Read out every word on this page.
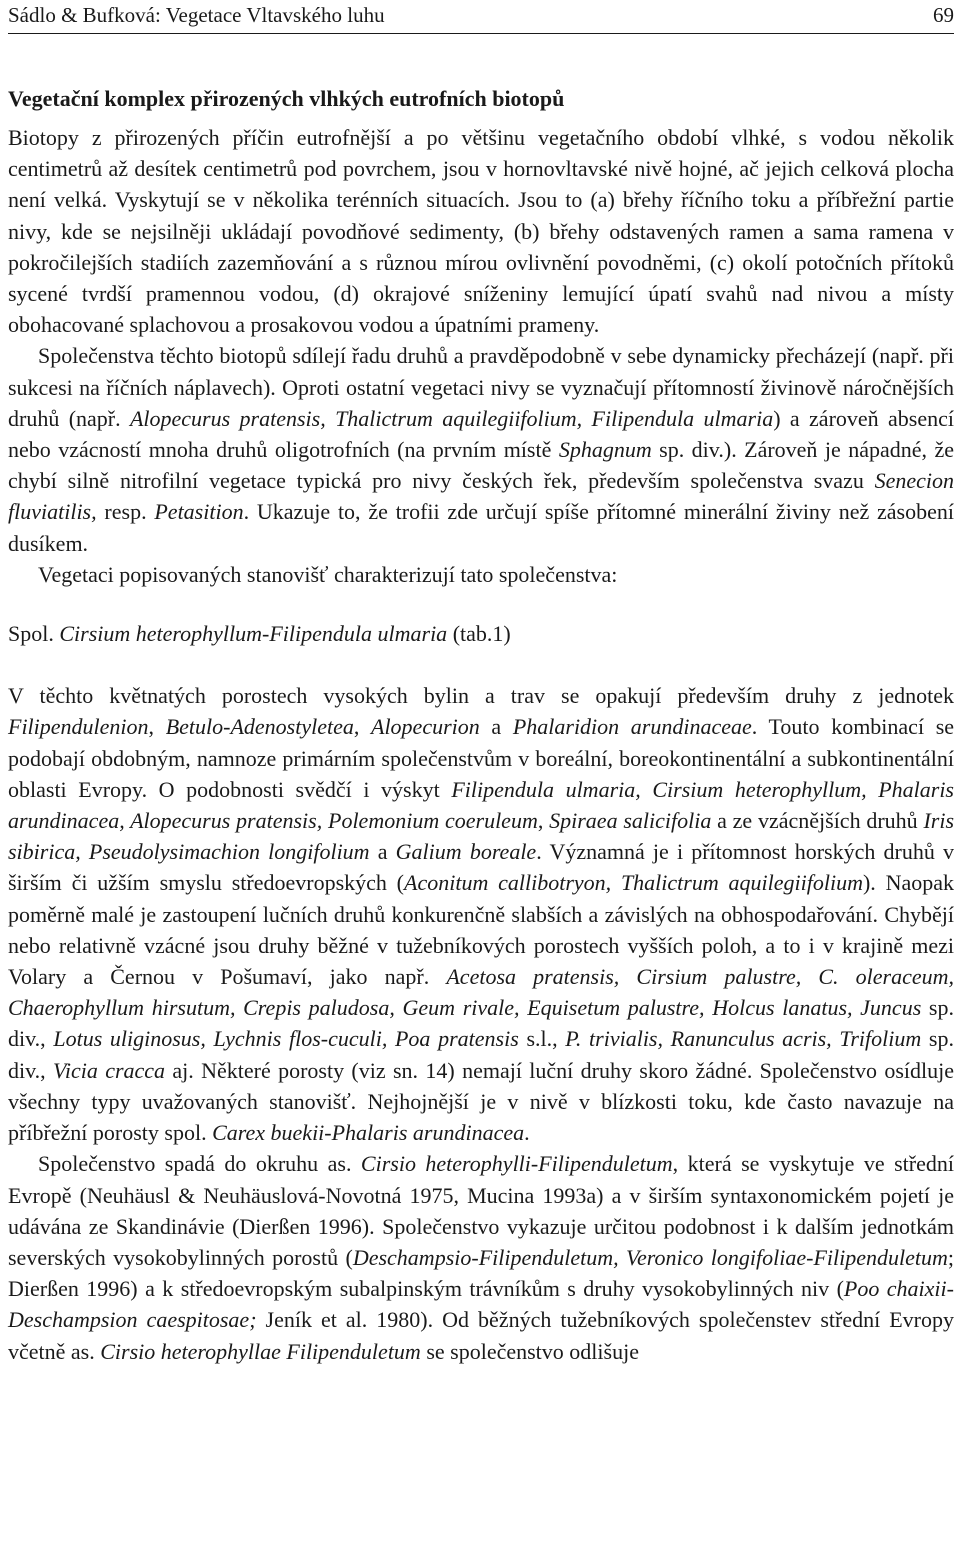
Sádlo & Bufková: Vegetace Vltavského luhu	69
Vegetační komplex přirozených vlhkých eutrofních biotopů

Biotopy z přirozených příčin eutrofnější a po většinu vegetačního období vlhké, s vodou několik centimetrů až desítek centimetrů pod povrchem, jsou v hornovltavské nivě hojné, ač jejich celková plocha není velká. Vyskytují se v několika terénních situacích. Jsou to (a) břehy říčního toku a příbřežní partie nivy, kde se nejsilněji ukládají povodňové sedimenty, (b) břehy odstavených ramen a sama ramena v pokročilejších stadiích zazemňování a s různou mírou ovlivnění povodněmi, (c) okolí potočních přítoků sycené tvrdší pramennou vodou, (d) okrajové sníženiny lemující úpatí svahů nad nivou a místy obohacované splachovou a prosakovou vodou a úpatními prameny.

Společenstva těchto biotopů sdílejí řadu druhů a pravděpodobně v sebe dynamicky přecházejí (např. při sukcesi na říčních náplavech). Oproti ostatní vegetaci nivy se vyznačují přítomností živinově náročnějších druhů (např. Alopecurus pratensis, Thalictrum aquilegiifolium, Filipendula ulmaria) a zároveň absencí nebo vzácností mnoha druhů oligotrofních (na prvním místě Sphagnum sp. div.). Zároveň je nápadné, že chybí silně nitrofilní vegetace typická pro nivy českých řek, především společenstva svazu Senecion fluviatilis, resp. Petasition. Ukazuje to, že trofii zde určují spíše přítomné minerální živiny než zásobení dusíkem.

Vegetaci popisovaných stanovišť charakterizují tato společenstva:

Spol. Cirsium heterophyllum-Filipendula ulmaria (tab.1)

V těchto květnatých porostech vysokých bylin a trav se opakují především druhy z jednotek Filipendulenion, Betulo-Adenostyletea, Alopecurion a Phalaridion arundinaceae. Touto kombinací se podobají obdobným, namnoze primárním společenstvům v boreální, boreokontinentální a subkontinentální oblasti Evropy. O podobnosti svědčí i výskyt Filipendula ulmaria, Cirsium heterophyllum, Phalaris arundinacea, Alopecurus pratensis, Polemonium coeruleum, Spiraea salicifolia a ze vzácnějších druhů Iris sibirica, Pseudolysimachion longifolium a Galium boreale. Významná je i přítomnost horských druhů v širším či užším smyslu středoevropských (Aconitum callibotryon, Thalictrum aquilegiifolium). Naopak poměrně malé je zastoupení lučních druhů konkurenčně slabších a závislých na obhospodařování. Chybějí nebo relativně vzácné jsou druhy běžné v tužebníkových porostech vyšších poloh, a to i v krajině mezi Volary a Černou v Pošumaví, jako např. Acetosa pratensis, Cirsium palustre, C. oleraceum, Chaerophyllum hirsutum, Crepis paludosa, Geum rivale, Equisetum palustre, Holcus lanatus, Juncus sp. div., Lotus uliginosus, Lychnis flos-cuculi, Poa pratensis s.l., P. trivialis, Ranunculus acris, Trifolium sp. div., Vicia cracca aj. Některé porosty (viz sn. 14) nemají luční druhy skoro žádné. Společenstvo osídluje všechny typy uvažovaných stanovišť. Nejhojnější je v nivě v blízkosti toku, kde často navazuje na příbřežní porosty spol. Carex buekii-Phalaris arundinacea.

Společenstvo spadá do okruhu as. Cirsio heterophylli-Filipenduletum, která se vyskytuje ve střední Evropě (Neuhäusl & Neuhäuslová-Novotná 1975, Mucina 1993a) a v širším syntaxonomickém pojetí je udávána ze Skandinávie (Dierßen 1996). Společenstvo vykazuje určitou podobnost i k dalším jednotkám severských vysokobylinných porostů (Deschampsio-Filipenduletum, Veronico longifoliae-Filipenduletum; Dierßen 1996) a k středoevropským subalpinským trávníkům s druhy vysokobylinných niv (Poo chaixii-Deschampsion caespitosae; Jeník et al. 1980). Od běžných tužebníkových společenstev střední Evropy včetně as. Cirsio heterophyllae Filipenduletum se společenstvo odlišuje
